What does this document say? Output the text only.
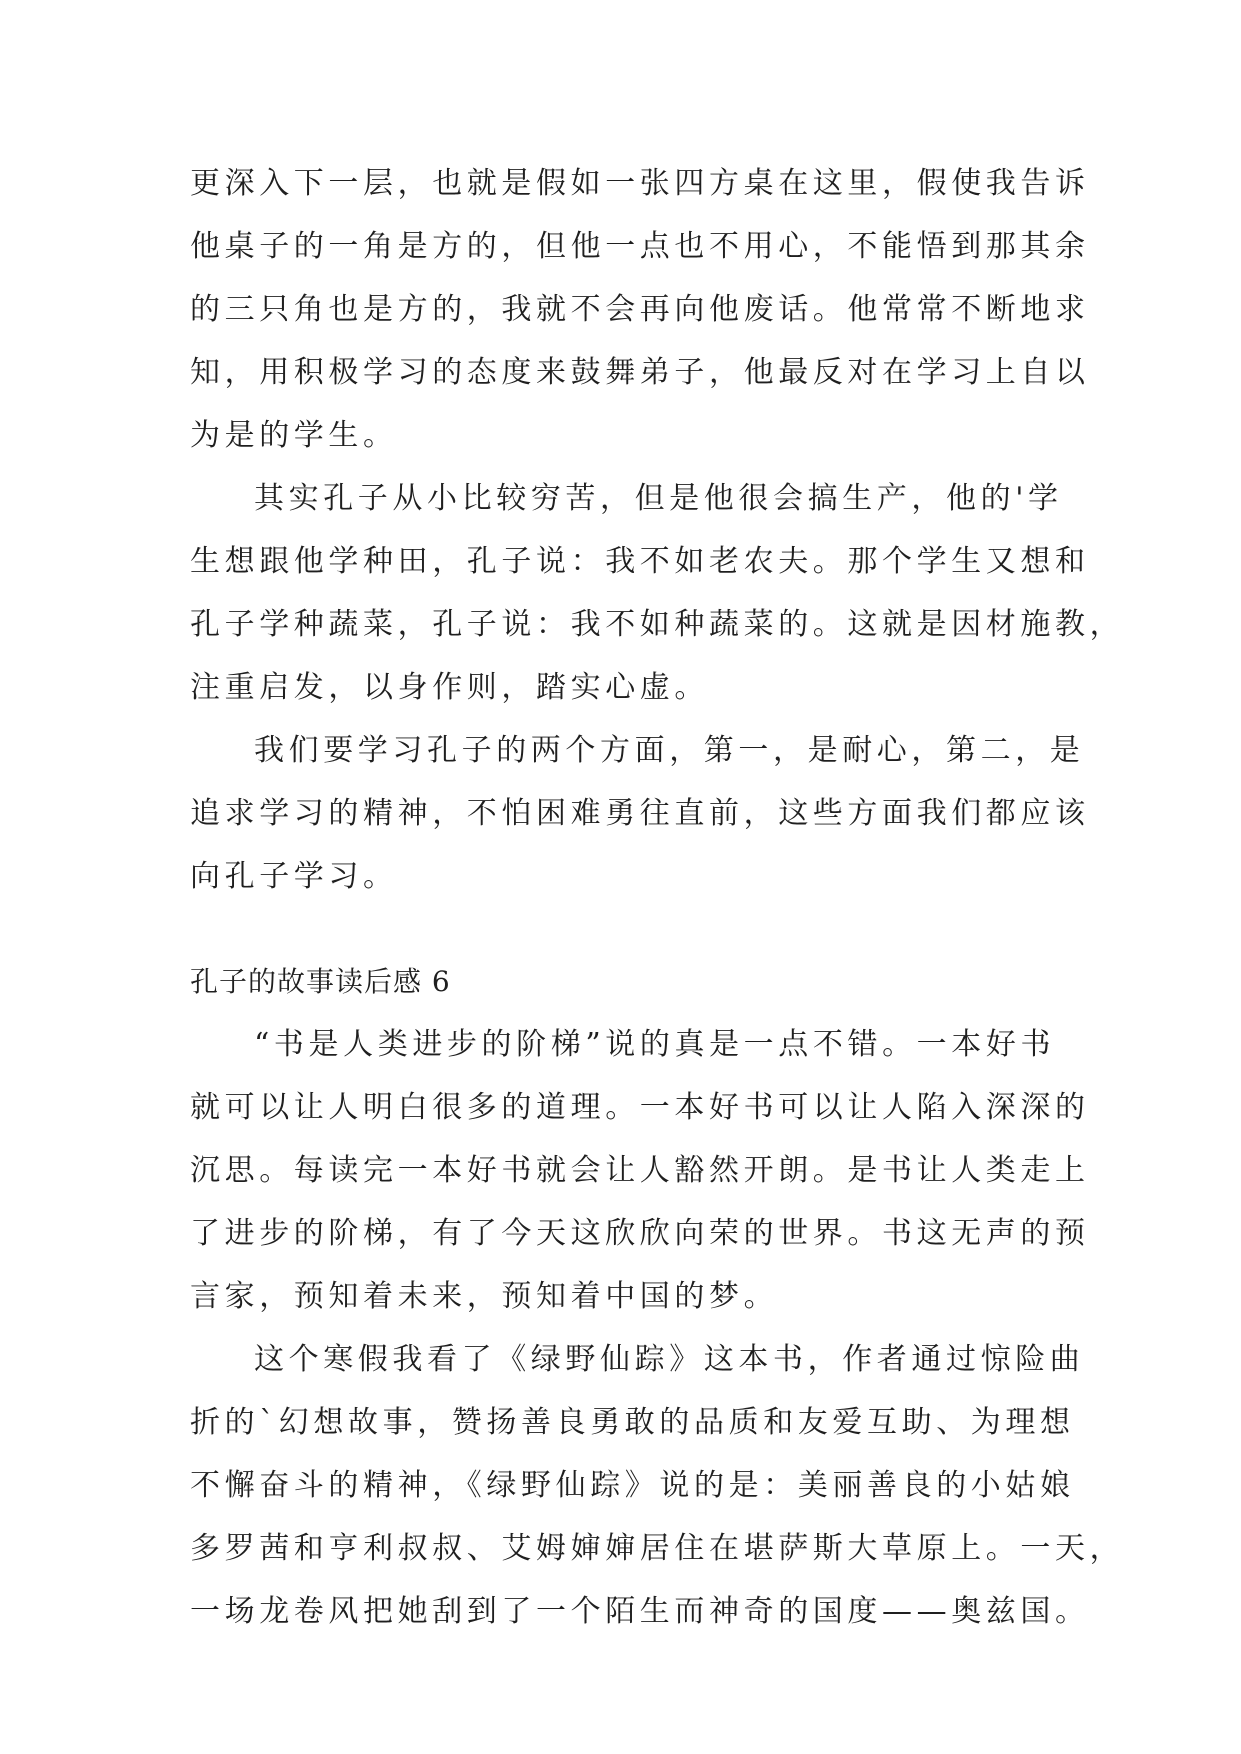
更深入下一层，也就是假如一张四方桌在这里，假使我告诉
他桌子的一角是方的，但他一点也不用心，不能悟到那其余
的三只角也是方的，我就不会再向他废话。他常常不断地求
知，用积极学习的态度来鼓舞弟子，他最反对在学习上自以
为是的学生。
其实孔子从小比较穷苦，但是他很会搞生产，他的'学
生想跟他学种田，孔子说：我不如老农夫。那个学生又想和
孔子学种蔬菜，孔子说：我不如种蔬菜的。这就是因材施教，
注重启发，以身作则，踏实心虚。
我们要学习孔子的两个方面，第一，是耐心，第二，是
追求学习的精神，不怕困难勇往直前，这些方面我们都应该
向孔子学习。
孔子的故事读后感 6
“书是人类进步的阶梯”说的真是一点不错。一本好书
就可以让人明白很多的道理。一本好书可以让人陷入深深的
沉思。每读完一本好书就会让人豁然开朗。是书让人类走上
了进步的阶梯，有了今天这欣欣向荣的世界。书这无声的预
言家，预知着未来，预知着中国的梦。
这个寒假我看了《绿野仙踪》这本书，作者通过惊险曲
折的`幻想故事，赞扬善良勇敢的品质和友爱互助、为理想
不懈奋斗的精神，《绿野仙踪》说的是：美丽善良的小姑娘
多罗茜和亨利叔叔、艾姆婶婶居住在堪萨斯大草原上。一天，
一场龙卷风把她刮到了一个陌生而神奇的国度——奥兹国。
